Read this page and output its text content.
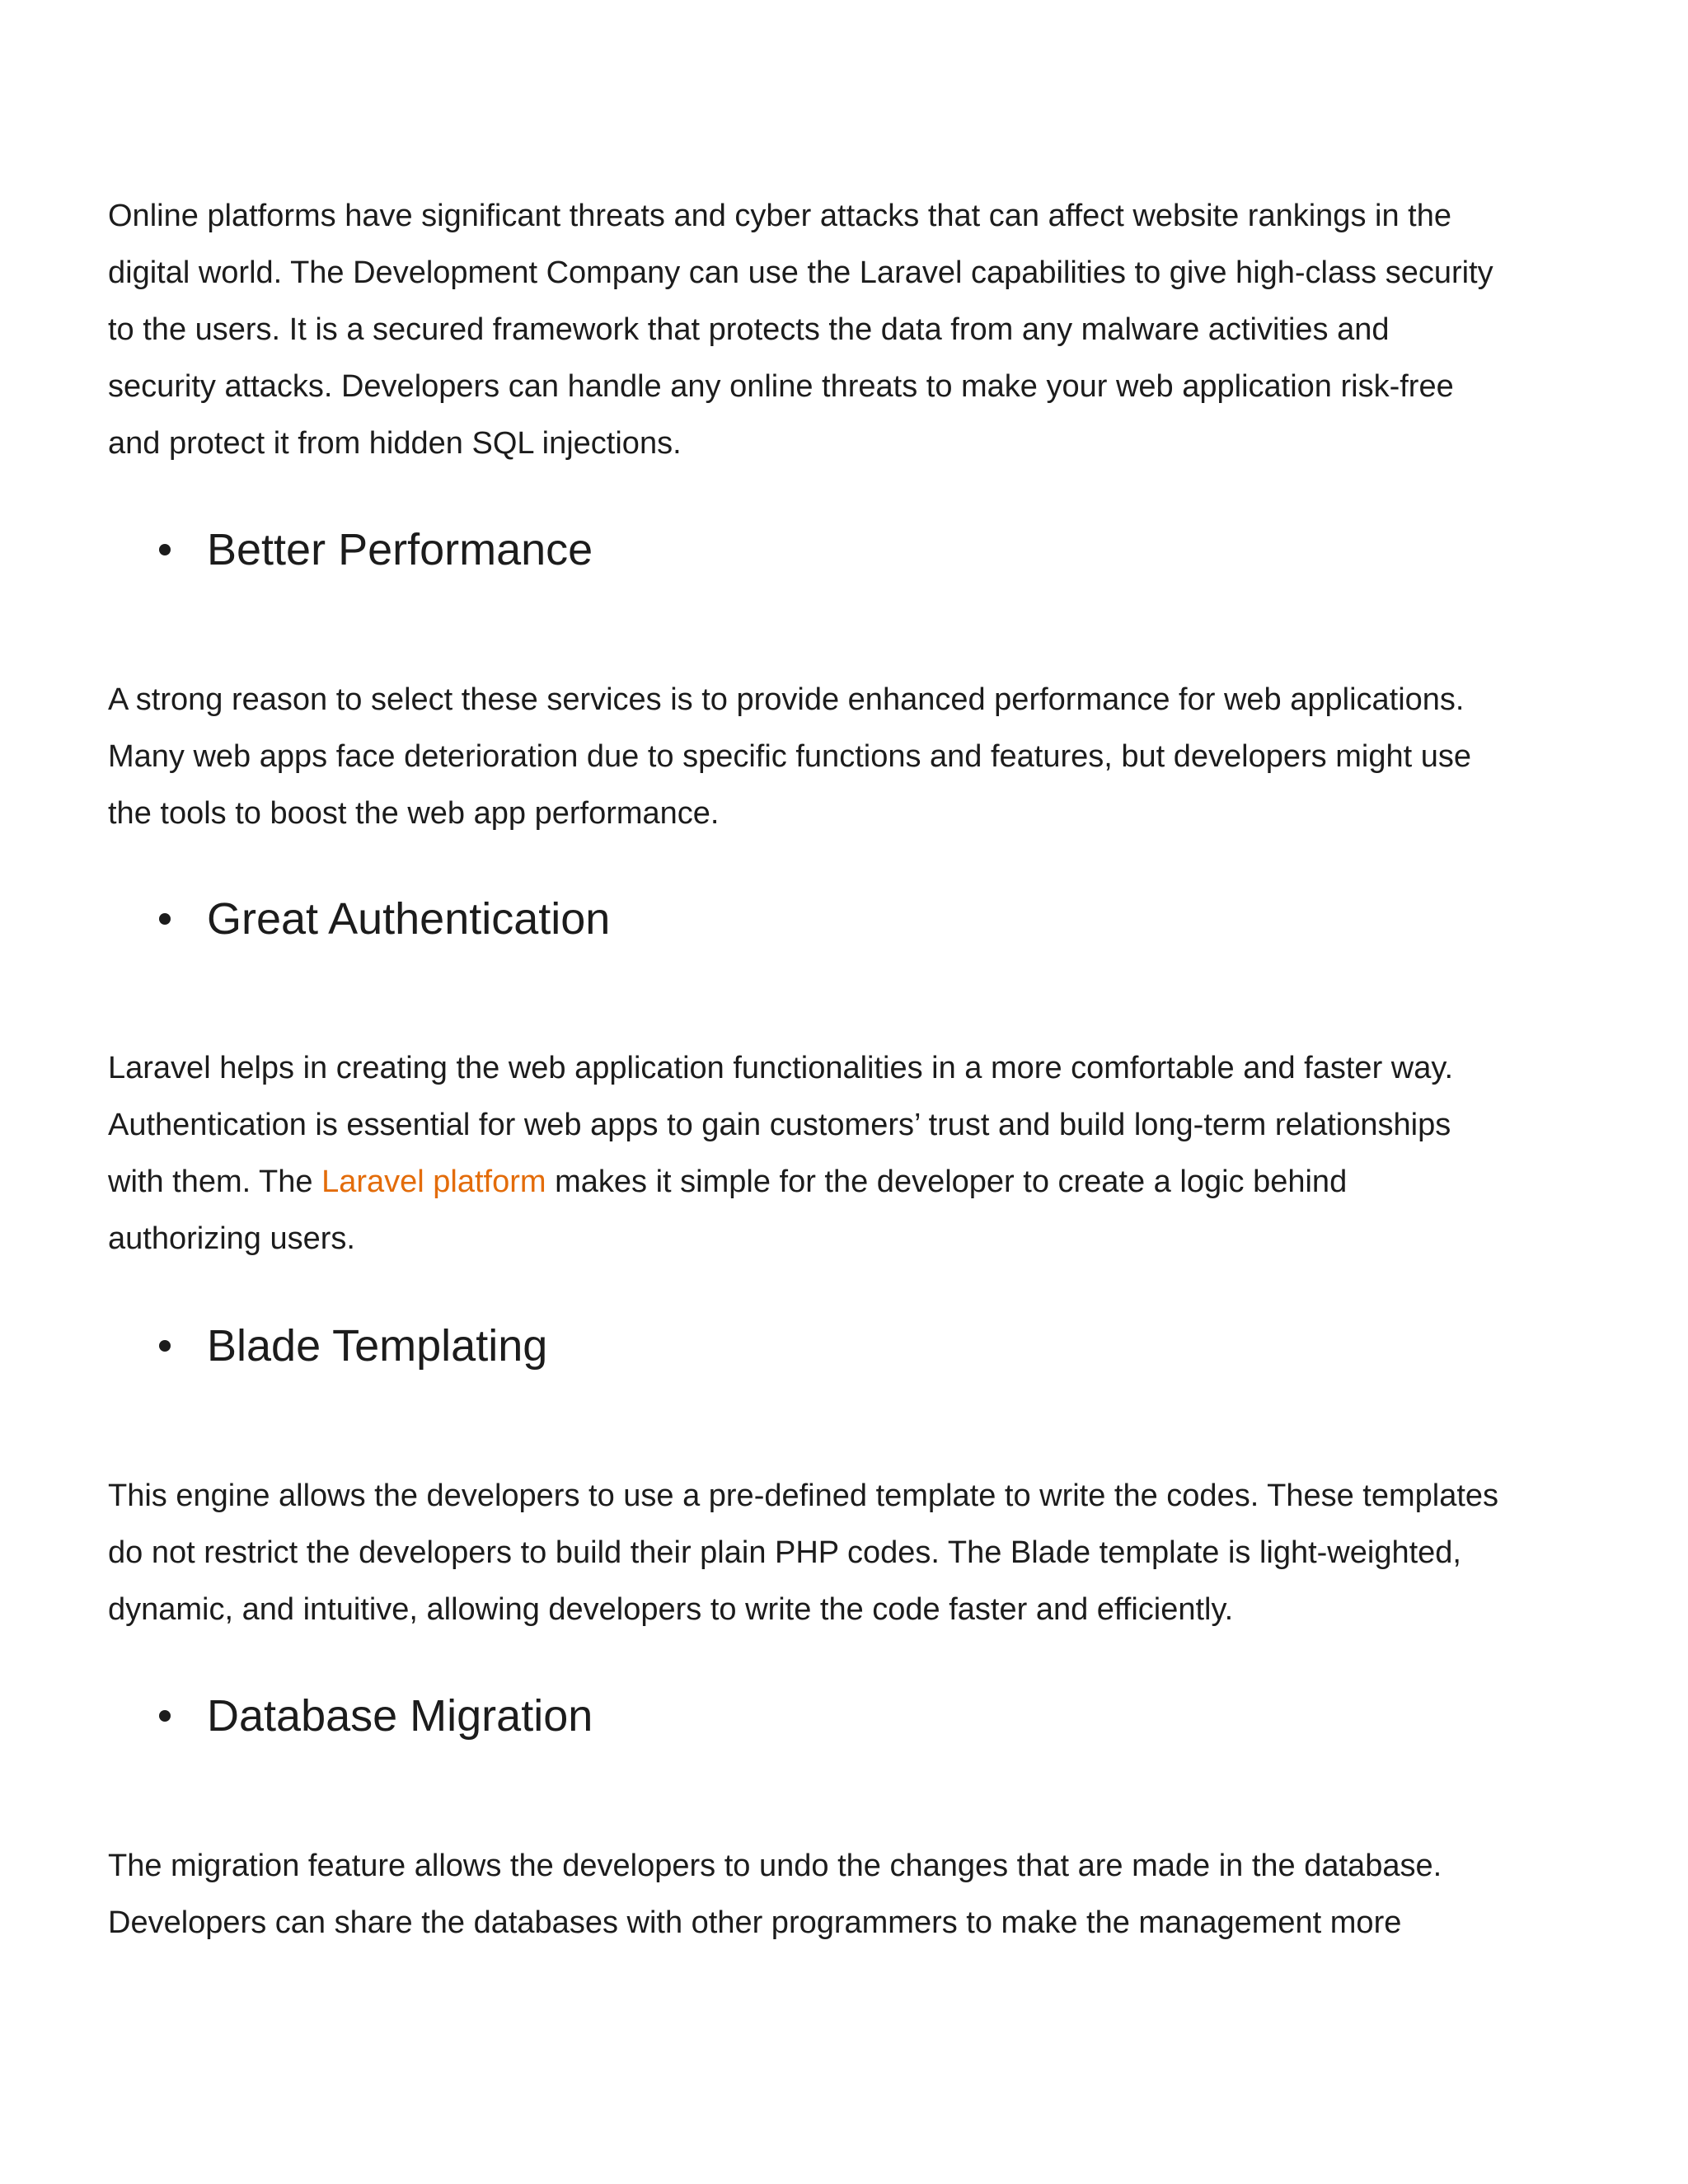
Online platforms have significant threats and cyber attacks that can affect website rankings in the
digital world. The Development Company can use the Laravel capabilities to give high-class security
to the users. It is a secured framework that protects the data from any malware activities and
security attacks. Developers can handle any online threats to make your web application risk-free
and protect it from hidden SQL injections.

Better Performance

A strong reason to select these services is to provide enhanced performance for web applications.
Many web apps face deterioration due to specific functions and features, but developers might use
the tools to boost the web app performance.

Great Authentication

Laravel helps in creating the web application functionalities in a more comfortable and faster way.
Authentication is essential for web apps to gain customers’ trust and build long-term relationships
with them. The Laravel platform makes it simple for the developer to create a logic behind
authorizing users.

Blade Templating

This engine allows the developers to use a pre-defined template to write the codes. These templates
do not restrict the developers to build their plain PHP codes. The Blade template is light-weighted,
dynamic, and intuitive, allowing developers to write the code faster and efficiently.

Database Migration

The migration feature allows the developers to undo the changes that are made in the database.
Developers can share the databases with other programmers to make the management more
